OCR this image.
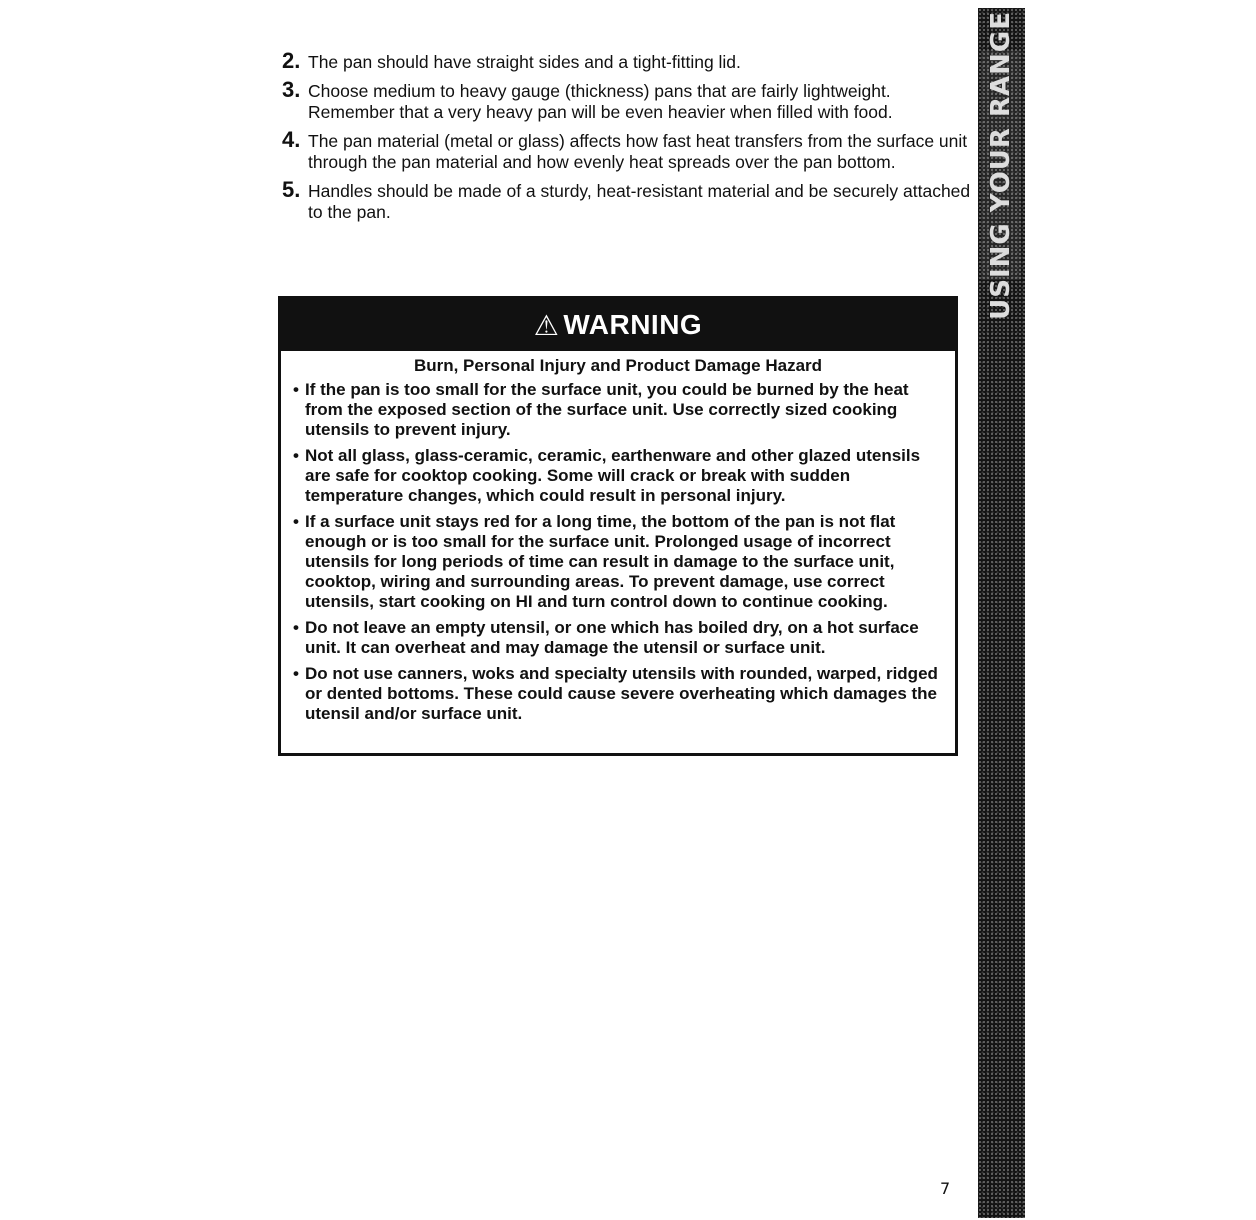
2. The pan should have straight sides and a tight-fitting lid.
3. Choose medium to heavy gauge (thickness) pans that are fairly lightweight. Remember that a very heavy pan will be even heavier when filled with food.
4. The pan material (metal or glass) affects how fast heat transfers from the surface unit through the pan material and how evenly heat spreads over the pan bottom.
5. Handles should be made of a sturdy, heat-resistant material and be securely attached to the pan.
⚠ WARNING
Burn, Personal Injury and Product Damage Hazard
• If the pan is too small for the surface unit, you could be burned by the heat from the exposed section of the surface unit. Use correctly sized cooking utensils to prevent injury.
• Not all glass, glass-ceramic, ceramic, earthenware and other glazed utensils are safe for cooktop cooking. Some will crack or break with sudden temperature changes, which could result in personal injury.
• If a surface unit stays red for a long time, the bottom of the pan is not flat enough or is too small for the surface unit. Prolonged usage of incorrect utensils for long periods of time can result in damage to the surface unit, cooktop, wiring and surrounding areas. To prevent damage, use correct utensils, start cooking on HI and turn control down to continue cooking.
• Do not leave an empty utensil, or one which has boiled dry, on a hot surface unit. It can overheat and may damage the utensil or surface unit.
• Do not use canners, woks and specialty utensils with rounded, warped, ridged or dented bottoms. These could cause severe overheating which damages the utensil and/or surface unit.
USING YOUR RANGE
7
